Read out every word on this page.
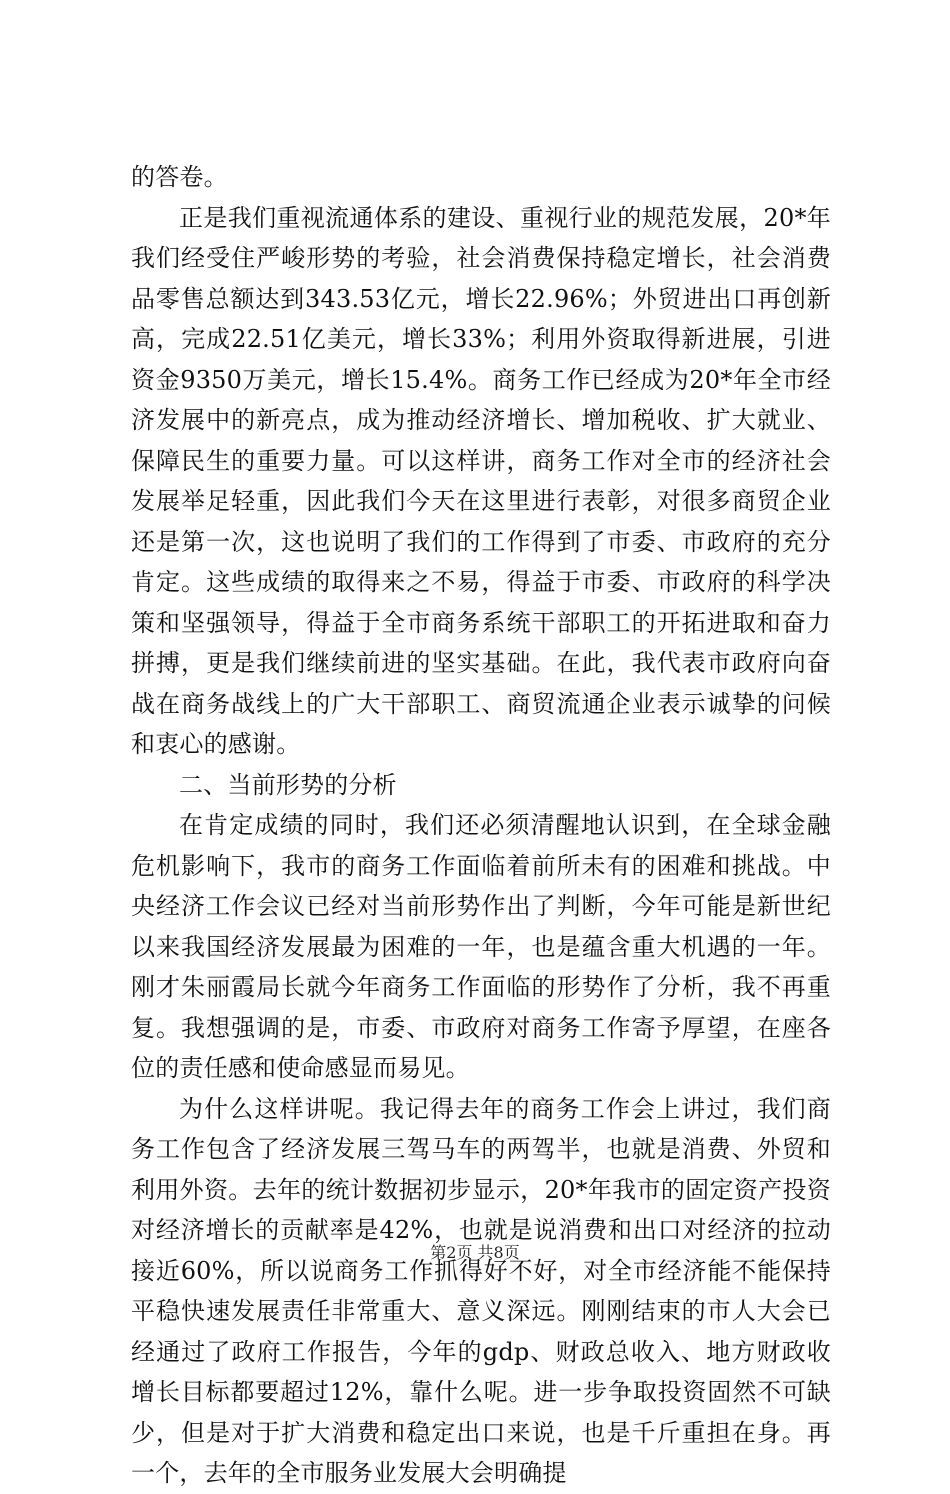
的答卷。

正是我们重视流通体系的建设、重视行业的规范发展，20*年我们经受住严峻形势的考验，社会消费保持稳定增长，社会消费品零售总额达到343.53亿元，增长22.96%；外贸进出口再创新高，完成22.51亿美元，增长33%；利用外资取得新进展，引进资金9350万美元，增长15.4%。商务工作已经成为20*年全市经济发展中的新亮点，成为推动经济增长、增加税收、扩大就业、保障民生的重要力量。可以这样讲，商务工作对全市的经济社会发展举足轻重，因此我们今天在这里进行表彰，对很多商贸企业还是第一次，这也说明了我们的工作得到了市委、市政府的充分肯定。这些成绩的取得来之不易，得益于市委、市政府的科学决策和坚强领导，得益于全市商务系统干部职工的开拓进取和奋力拼搏，更是我们继续前进的坚实基础。在此，我代表市政府向奋战在商务战线上的广大干部职工、商贸流通企业表示诚挚的问候和衷心的感谢。

二、当前形势的分析

在肯定成绩的同时，我们还必须清醒地认识到，在全球金融危机影响下，我市的商务工作面临着前所未有的困难和挑战。中央经济工作会议已经对当前形势作出了判断，今年可能是新世纪以来我国经济发展最为困难的一年，也是蕴含重大机遇的一年。刚才朱丽霞局长就今年商务工作面临的形势作了分析，我不再重复。我想强调的是，市委、市政府对商务工作寄予厚望，在座各位的责任感和使命感显而易见。

为什么这样讲呢。我记得去年的商务工作会上讲过，我们商务工作包含了经济发展三驾马车的两驾半，也就是消费、外贸和利用外资。去年的统计数据初步显示，20*年我市的固定资产投资对经济增长的贡献率是42%，也就是说消费和出口对经济的拉动接近60%，所以说商务工作抓得好不好，对全市经济能不能保持平稳快速发展责任非常重大、意义深远。刚刚结束的市人大会已经通过了政府工作报告，今年的gdp、财政总收入、地方财政收增长目标都要超过12%，靠什么呢。进一步争取投资固然不可缺少，但是对于扩大消费和稳定出口来说，也是千斤重担在身。再一个，去年的全市服务业发展大会明确提

第2页 共8页
